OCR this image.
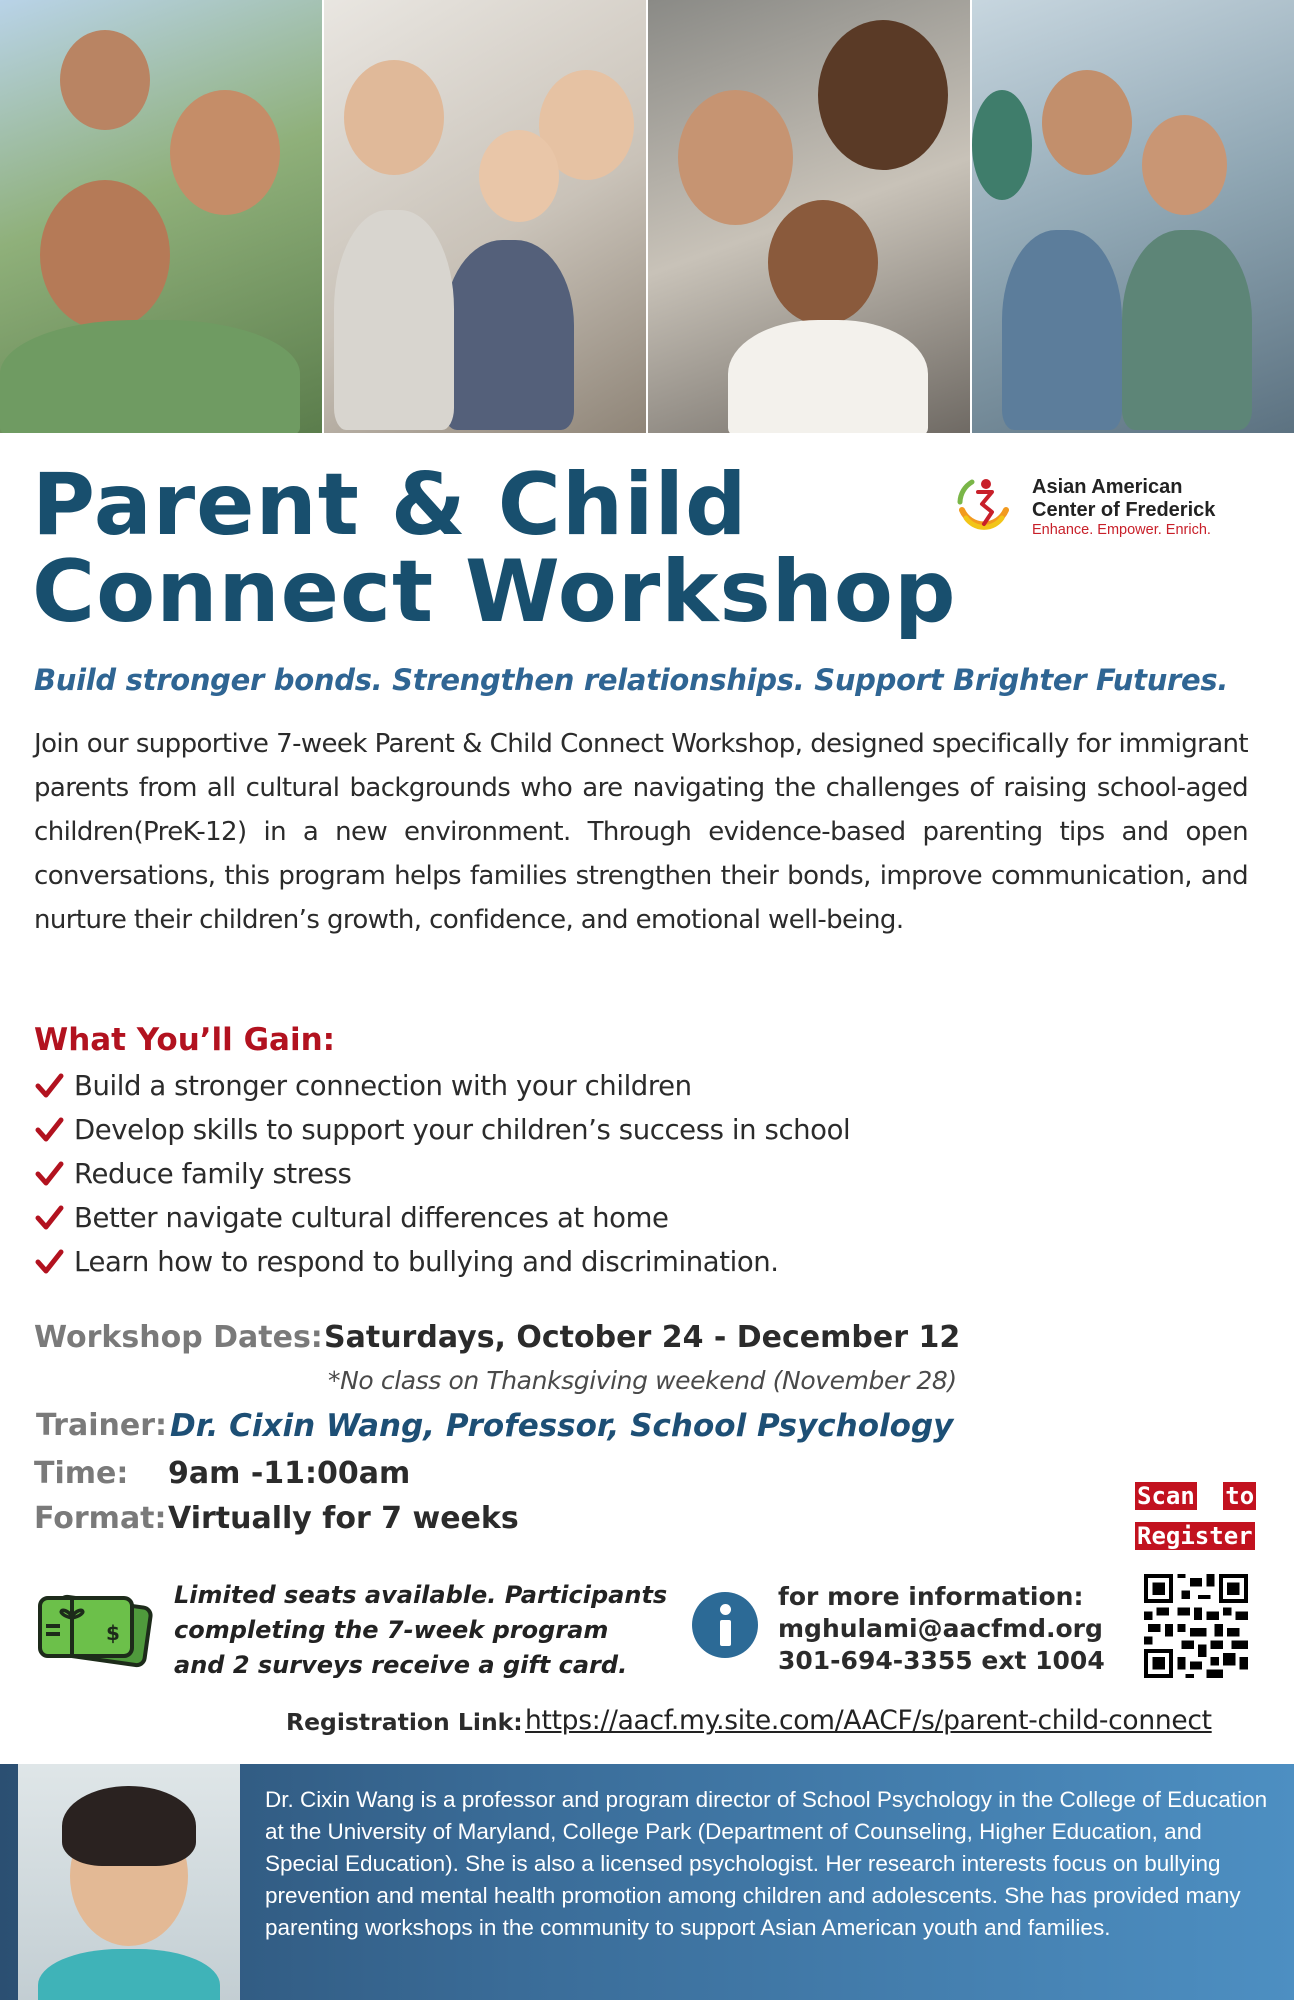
Parent & Child
Connect Workshop
Asian American
Center of Frederick
Enhance. Empower. Enrich.
Build stronger bonds. Strengthen relationships. Support Brighter Futures.

Join our supportive 7-week Parent & Child Connect Workshop, designed specifically for immigrant parents from all cultural backgrounds who are navigating the challenges of raising school-aged children(PreK-12) in a new environment. Through evidence-based parenting tips and open conversations, this program helps families strengthen their bonds, improve communication, and nurture their children’s growth, confidence, and emotional well-being.

What You’ll Gain:
Build a stronger connection with your children
Develop skills to support your children’s success in school
Reduce family stress
Better navigate cultural differences at home
Learn how to respond to bullying and discrimination.
Workshop Dates: Saturdays, October 24 - December 12
*No class on Thanksgiving weekend (November 28)
Trainer: Dr. Cixin Wang, Professor, School Psychology
Time: 9am -11:00am
Format: Virtually for 7 weeks
Scan to
Register
$

Limited seats available. Participants
completing the 7-week program
and 2 surveys receive a gift card.

for more information:
mghulami@aacfmd.org
301-694-3355 ext 1004

Registration Link: https://aacf.my.site.com/AACF/s/parent-child-connect

Dr. Cixin Wang is a professor and program director of School Psychology in the College of Education at the University of Maryland, College Park (Department of Counseling, Higher Education, and Special Education). She is also a licensed psychologist. Her research interests focus on bullying prevention and mental health promotion among children and adolescents. She has provided many parenting workshops in the community to support Asian American youth and families.
